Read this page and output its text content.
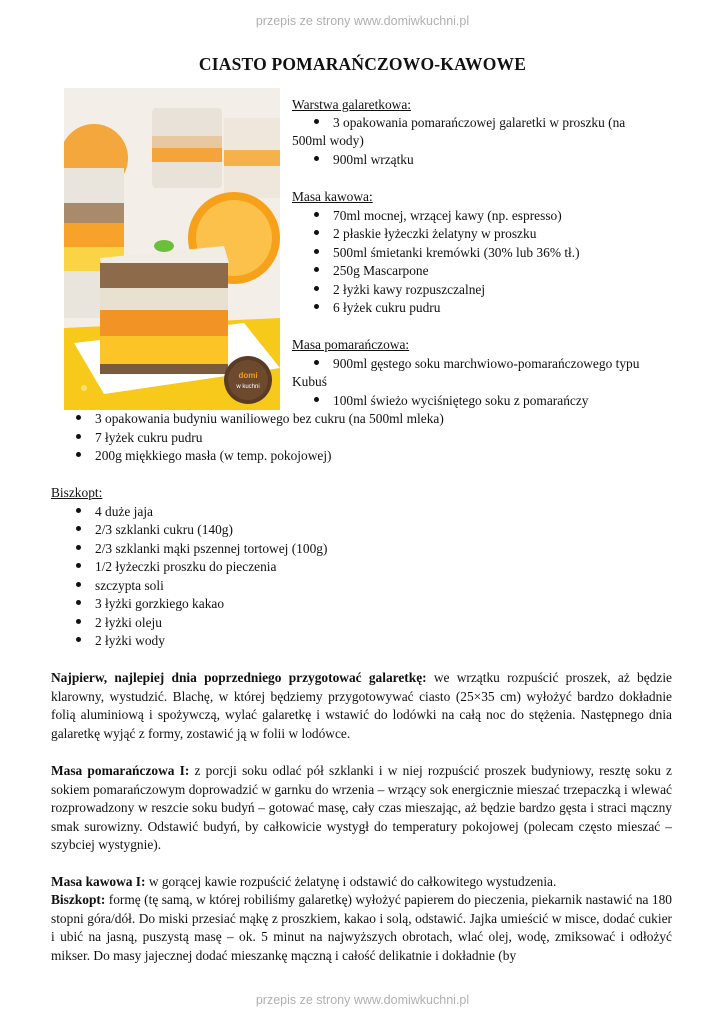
przepis ze strony www.domiwkuchni.pl
CIASTO POMARAŃCZOWO-KAWOWE
domi
w kuchni
Warstwa galaretkowa:
3 opakowania pomarańczowej galaretki w proszku (na
500ml wody)
900ml wrzątku
Masa kawowa:
70ml mocnej, wrzącej kawy (np. espresso)
2 płaskie łyżeczki żelatyny w proszku
500ml śmietanki kremówki (30% lub 36% tł.)
250g Mascarpone
2 łyżki kawy rozpuszczalnej
6 łyżek cukru pudru
Masa pomarańczowa:
900ml gęstego soku marchwiowo-pomarańczowego typu
Kubuś
100ml świeżo wyciśniętego soku z pomarańczy
3 opakowania budyniu waniliowego bez cukru (na 500ml mleka)
7 łyżek cukru pudru
200g miękkiego masła (w temp. pokojowej)
Biszkopt:
4 duże jaja
2/3 szklanki cukru (140g)
2/3 szklanki mąki pszennej tortowej (100g)
1/2 łyżeczki proszku do pieczenia
szczypta soli
3 łyżki gorzkiego kakao
2 łyżki oleju
2 łyżki wody
Najpierw, najlepiej dnia poprzedniego przygotować galaretkę: we wrzątku rozpuścić proszek, aż będzie klarowny, wystudzić. Blachę, w której będziemy przygotowywać ciasto (25×35 cm) wyłożyć bardzo dokładnie folią aluminiową i spożywczą, wylać galaretkę i wstawić do lodówki na całą noc do stężenia. Następnego dnia galaretkę wyjąć z formy, zostawić ją w folii w lodówce.
Masa pomarańczowa I: z porcji soku odlać pół szklanki i w niej rozpuścić proszek budyniowy, resztę soku z sokiem pomarańczowym doprowadzić w garnku do wrzenia – wrzący sok energicznie mieszać trzepaczką i wlewać rozprowadzony w reszcie soku budyń – gotować masę, cały czas mieszając, aż będzie bardzo gęsta i straci mączny smak surowizny. Odstawić budyń, by całkowicie wystygł do temperatury pokojowej (polecam często mieszać – szybciej wystygnie).
Masa kawowa I: w gorącej kawie rozpuścić żelatynę i odstawić do całkowitego wystudzenia.
Biszkopt: formę (tę samą, w której robiliśmy galaretkę) wyłożyć papierem do pieczenia, piekarnik nastawić na 180 stopni góra/dół. Do miski przesiać mąkę z proszkiem, kakao i solą, odstawić. Jajka umieścić w misce, dodać cukier i ubić na jasną, puszystą masę – ok. 5 minut na najwyższych obrotach, wlać olej, wodę, zmiksować i odłożyć mikser. Do masy jajecznej dodać mieszankę mączną i całość delikatnie i dokładnie (by
przepis ze strony www.domiwkuchni.pl
